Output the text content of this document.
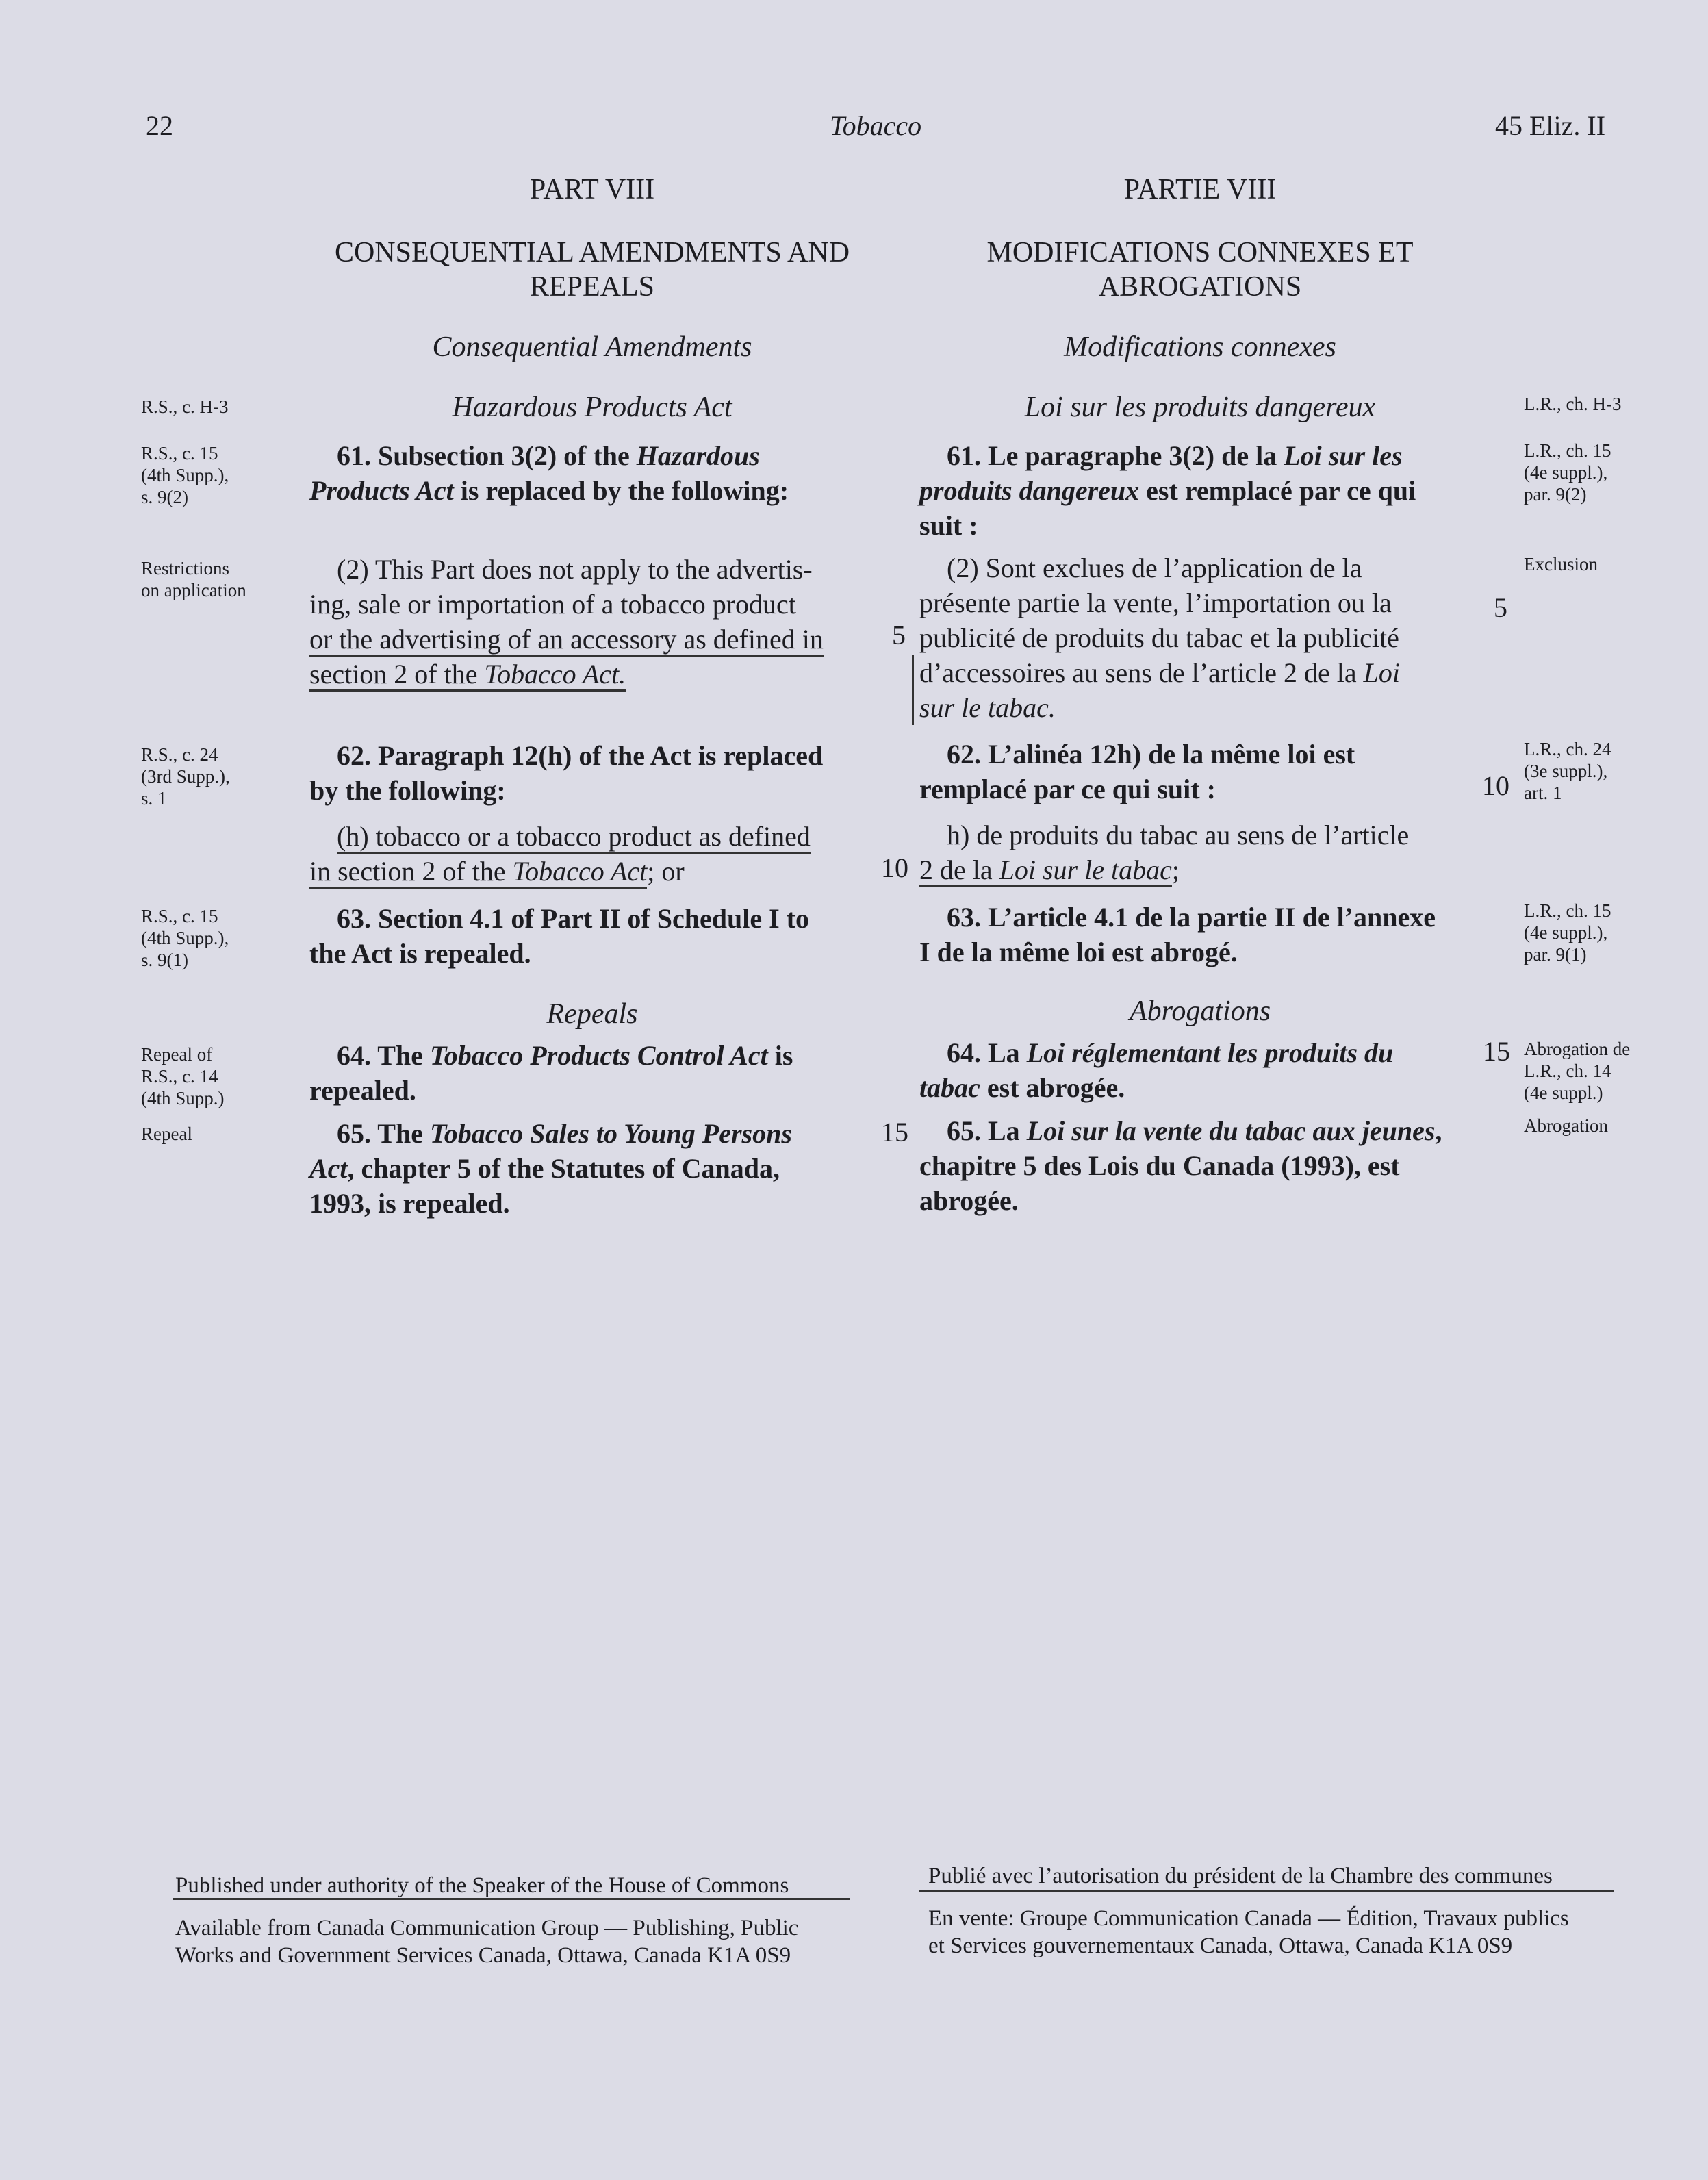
22	Tobacco	45 Eliz. II
PART VIII
CONSEQUENTIAL AMENDMENTS AND
REPEALS
Consequential Amendments
Hazardous Products Act
PARTIE VIII
MODIFICATIONS CONNEXES ET
ABROGATIONS
Modifications connexes
Loi sur les produits dangereux
61. Subsection 3(2) of the Hazardous
Products Act is replaced by the following:
(2) This Part does not apply to the advertis-
ing, sale or importation of a tobacco product
or the advertising of an accessory as defined in
section 2 of the Tobacco Act.
62. Paragraph 12(h) of the Act is replaced
by the following:
(h) tobacco or a tobacco product as defined
in section 2 of the Tobacco Act; or
63. Section 4.1 of Part II of Schedule I to
the Act is repealed.
Repeals
64. The Tobacco Products Control Act is
repealed.
65. The Tobacco Sales to Young Persons
Act, chapter 5 of the Statutes of Canada,
1993, is repealed.
61. Le paragraphe 3(2) de la Loi sur les
produits dangereux est remplacé par ce qui
suit :
(2) Sont exclues de l’application de la
présente partie la vente, l’importation ou la
publicité de produits du tabac et la publicité
d’accessoires au sens de l’article 2 de la Loi
sur le tabac.
62. L’alinéa 12h) de la même loi est
remplacé par ce qui suit :
h) de produits du tabac au sens de l’article
2 de la Loi sur le tabac;
63. L’article 4.1 de la partie II de l’annexe
I de la même loi est abrogé.
Abrogations
64. La Loi réglementant les produits du
tabac est abrogée.
65. La Loi sur la vente du tabac aux jeunes,
chapitre 5 des Lois du Canada (1993), est
abrogée.
5
5
10
10
15
15
R.S., c. H-3
R.S., c. 15
(4th Supp.),
s. 9(2)
Restrictions
on application
R.S., c. 24
(3rd Supp.),
s. 1
R.S., c. 15
(4th Supp.),
s. 9(1)
Repeal of
R.S., c. 14
(4th Supp.)
Repeal
L.R., ch. H-3
L.R., ch. 15
(4e suppl.),
par. 9(2)
Exclusion
L.R., ch. 24
(3e suppl.),
art. 1
L.R., ch. 15
(4e suppl.),
par. 9(1)
Abrogation de
L.R., ch. 14
(4e suppl.)
Abrogation
Published under authority of the Speaker of the House of Commons
Available from Canada Communication Group — Publishing, Public
Works and Government Services Canada, Ottawa, Canada K1A 0S9
Publié avec l’autorisation du président de la Chambre des communes
En vente: Groupe Communication Canada — Édition, Travaux publics
et Services gouvernementaux Canada, Ottawa, Canada K1A 0S9
